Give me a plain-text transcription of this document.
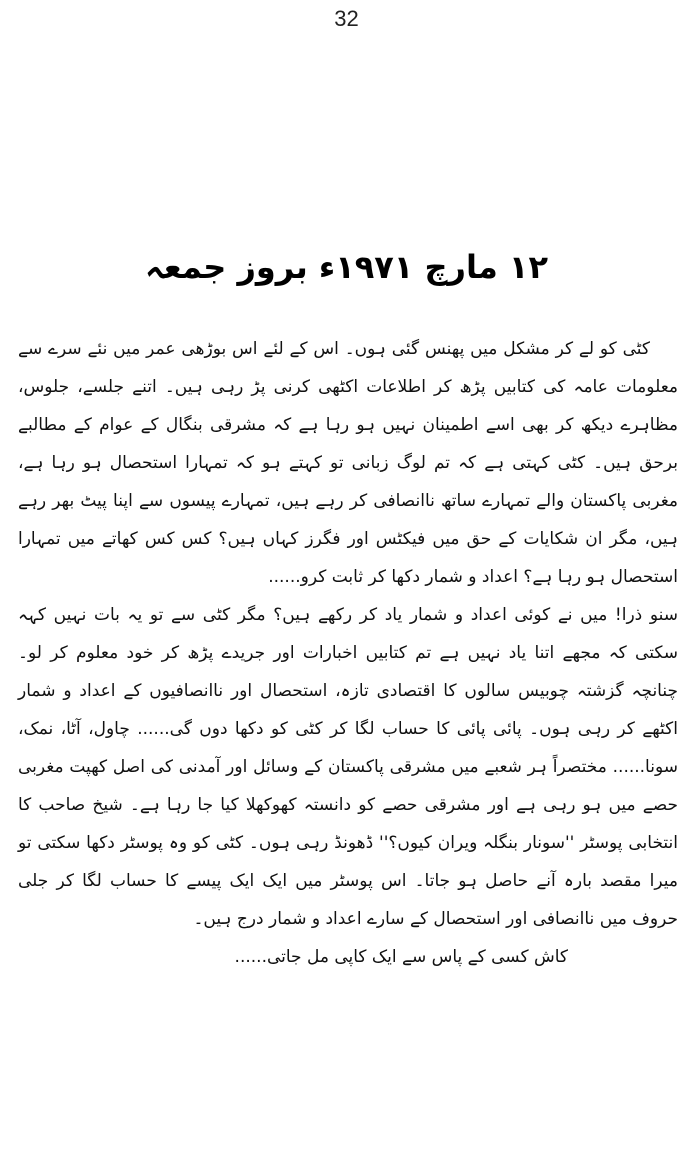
32
۱۲ مارچ ۱۹۷۱ء بروز جمعہ

کٹی کو لے کر مشکل میں پھنس گئی ہوں۔ اس کے لئے اس بوڑھی عمر میں نئے سرے سے معلومات عامہ کی کتابیں پڑھ کر اطلاعات اکٹھی کرنی پڑ رہی ہیں۔ اتنے جلسے، جلوس، مظاہرے دیکھ کر بھی اسے اطمینان نہیں ہو رہا ہے کہ مشرقی بنگال کے عوام کے مطالبے برحق ہیں۔ کٹی کہتی ہے کہ تم لوگ زبانی تو کہتے ہو کہ تمہارا استحصال ہو رہا ہے، مغربی پاکستان والے تمہارے ساتھ ناانصافی کر رہے ہیں، تمہارے پیسوں سے اپنا پیٹ بھر رہے ہیں، مگر ان شکایات کے حق میں فیکٹس اور فگرز کہاں ہیں؟ کس کس کھاتے میں تمہارا استحصال ہو رہا ہے؟ اعداد و شمار دکھا کر ثابت کرو......

سنو ذرا! میں نے کوئی اعداد و شمار یاد کر رکھے ہیں؟ مگر کٹی سے تو یہ بات نہیں کہہ سکتی کہ مجھے اتنا یاد نہیں ہے تم کتابیں اخبارات اور جریدے پڑھ کر خود معلوم کر لو۔ چنانچہ گزشتہ چوبیس سالوں کا اقتصادی تازہ، استحصال اور ناانصافیوں کے اعداد و شمار اکٹھے کر رہی ہوں۔ پائی پائی کا حساب لگا کر کٹی کو دکھا دوں گی...... چاول، آٹا، نمک، سونا...... مختصراً ہر شعبے میں مشرقی پاکستان کے وسائل اور آمدنی کی اصل کھپت مغربی حصے میں ہو رہی ہے اور مشرقی حصے کو دانستہ کھوکھلا کیا جا رہا ہے۔ شیخ صاحب کا انتخابی پوسٹر ''سونار بنگلہ ویران کیوں؟'' ڈھونڈ رہی ہوں۔ کٹی کو وہ پوسٹر دکھا سکتی تو میرا مقصد بارہ آنے حاصل ہو جاتا۔ اس پوسٹر میں ایک ایک پیسے کا حساب لگا کر جلی حروف میں ناانصافی اور استحصال کے سارے اعداد و شمار درج ہیں۔

کاش کسی کے پاس سے ایک کاپی مل جاتی......
